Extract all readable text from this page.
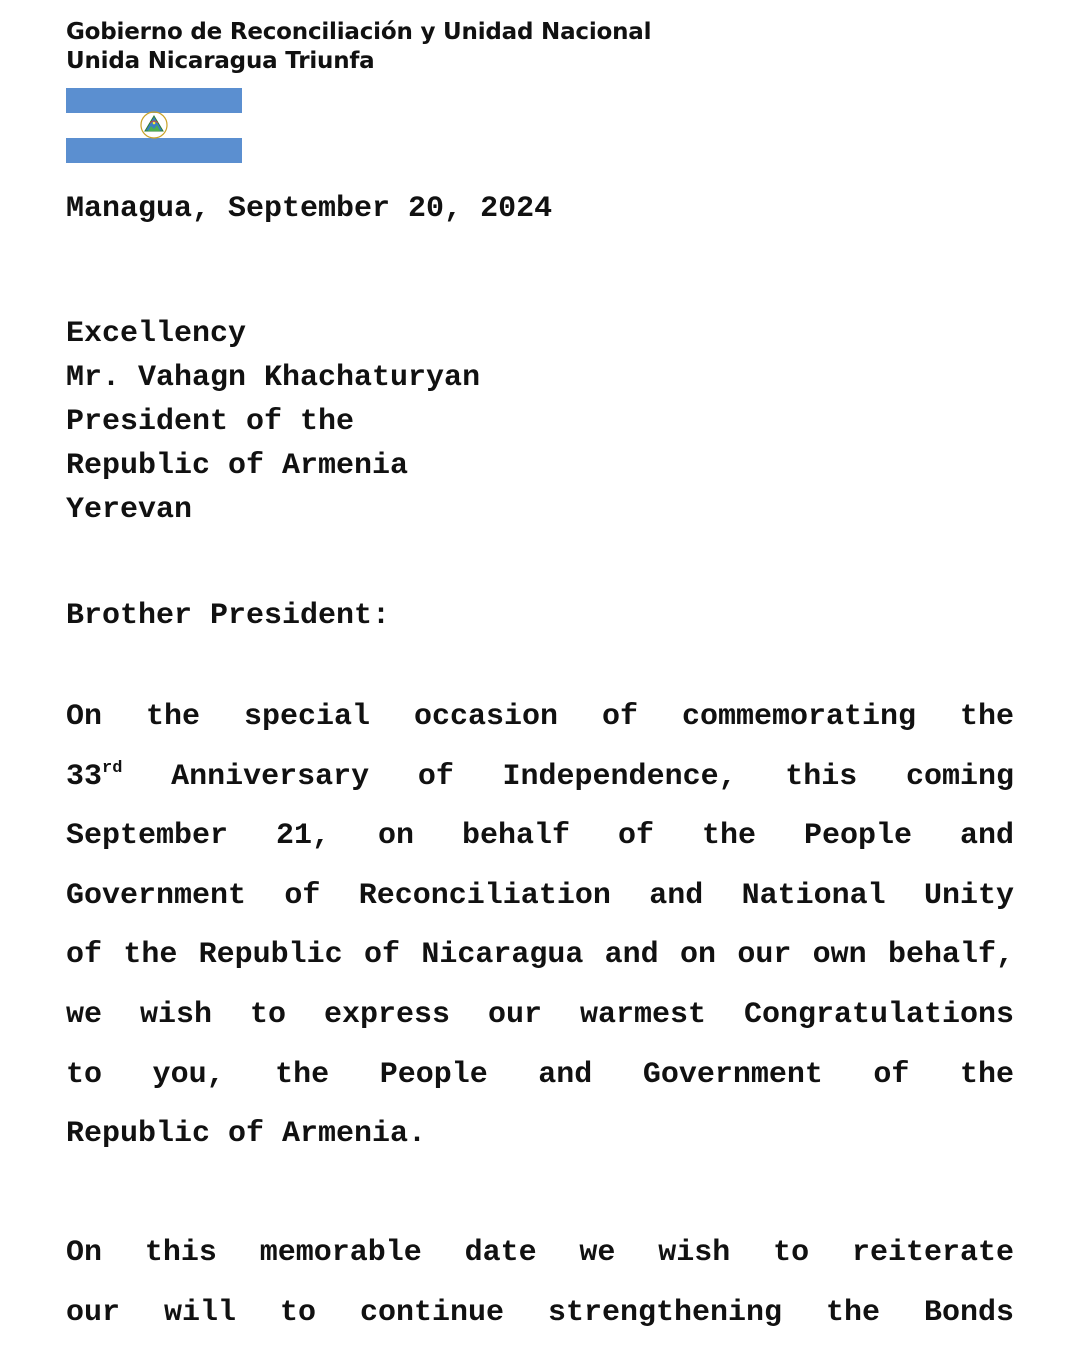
Gobierno de Reconciliación y Unidad Nacional
Unida Nicaragua Triunfa
Managua, September 20, 2024
Excellency
Mr. Vahagn Khachaturyan
President of the
Republic of Armenia
Yerevan
Brother President:
On the special occasion of commemorating the
33rd Anniversary of Independence, this coming
September 21, on behalf of the People and
Government of Reconciliation and National Unity
of the Republic of Nicaragua and on our own behalf,
we wish to express our warmest Congratulations
to you, the People and Government of the
Republic of Armenia.
On this memorable date we wish to reiterate
our will to continue strengthening the Bonds
